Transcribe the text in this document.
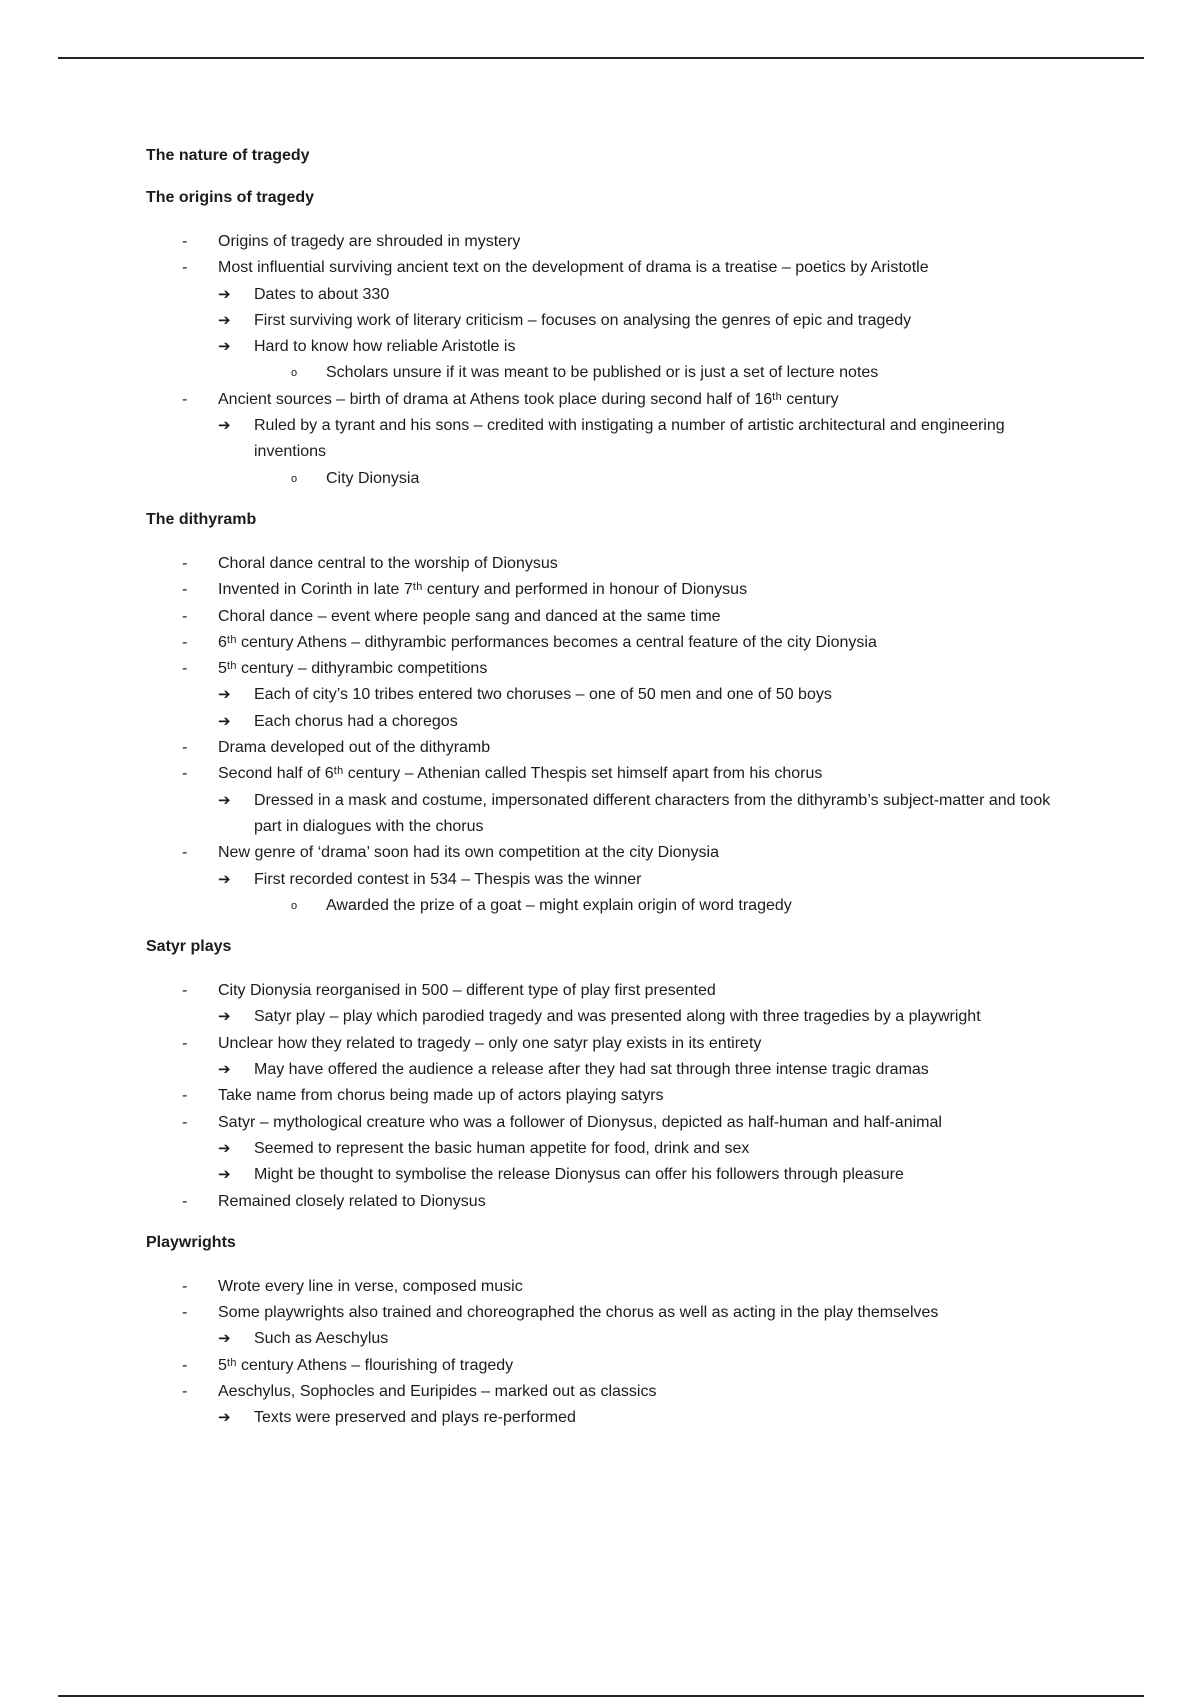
The nature of tragedy
The origins of tragedy
- Origins of tragedy are shrouded in mystery
- Most influential surviving ancient text on the development of drama is a treatise – poetics by Aristotle
➔ Dates to about 330
➔ First surviving work of literary criticism – focuses on analysing the genres of epic and tragedy
➔ Hard to know how reliable Aristotle is
o Scholars unsure if it was meant to be published or is just a set of lecture notes
- Ancient sources – birth of drama at Athens took place during second half of 16ᵗʰ century
➔ Ruled by a tyrant and his sons – credited with instigating a number of artistic architectural and engineering inventions
o City Dionysia
The dithyramb
- Choral dance central to the worship of Dionysus
- Invented in Corinth in late 7ᵗʰ century and performed in honour of Dionysus
- Choral dance – event where people sang and danced at the same time
- 6ᵗʰ century Athens – dithyrambic performances becomes a central feature of the city Dionysia
- 5ᵗʰ century – dithyrambic competitions
➔ Each of city’s 10 tribes entered two choruses – one of 50 men and one of 50 boys
➔ Each chorus had a choregos
- Drama developed out of the dithyramb
- Second half of 6ᵗʰ century – Athenian called Thespis set himself apart from his chorus
➔ Dressed in a mask and costume, impersonated different characters from the dithyramb’s subject-matter and took part in dialogues with the chorus
- New genre of ‘drama’ soon had its own competition at the city Dionysia
➔ First recorded contest in 534 – Thespis was the winner
o Awarded the prize of a goat – might explain origin of word tragedy
Satyr plays
- City Dionysia reorganised in 500 – different type of play first presented
➔ Satyr play – play which parodied tragedy and was presented along with three tragedies by a playwright
- Unclear how they related to tragedy – only one satyr play exists in its entirety
➔ May have offered the audience a release after they had sat through three intense tragic dramas
- Take name from chorus being made up of actors playing satyrs
- Satyr – mythological creature who was a follower of Dionysus, depicted as half-human and half-animal
➔ Seemed to represent the basic human appetite for food, drink and sex
➔ Might be thought to symbolise the release Dionysus can offer his followers through pleasure
- Remained closely related to Dionysus
Playwrights
- Wrote every line in verse, composed music
- Some playwrights also trained and choreographed the chorus as well as acting in the play themselves
➔ Such as Aeschylus
- 5ᵗʰ century Athens – flourishing of tragedy
- Aeschylus, Sophocles and Euripides – marked out as classics
➔ Texts were preserved and plays re-performed
